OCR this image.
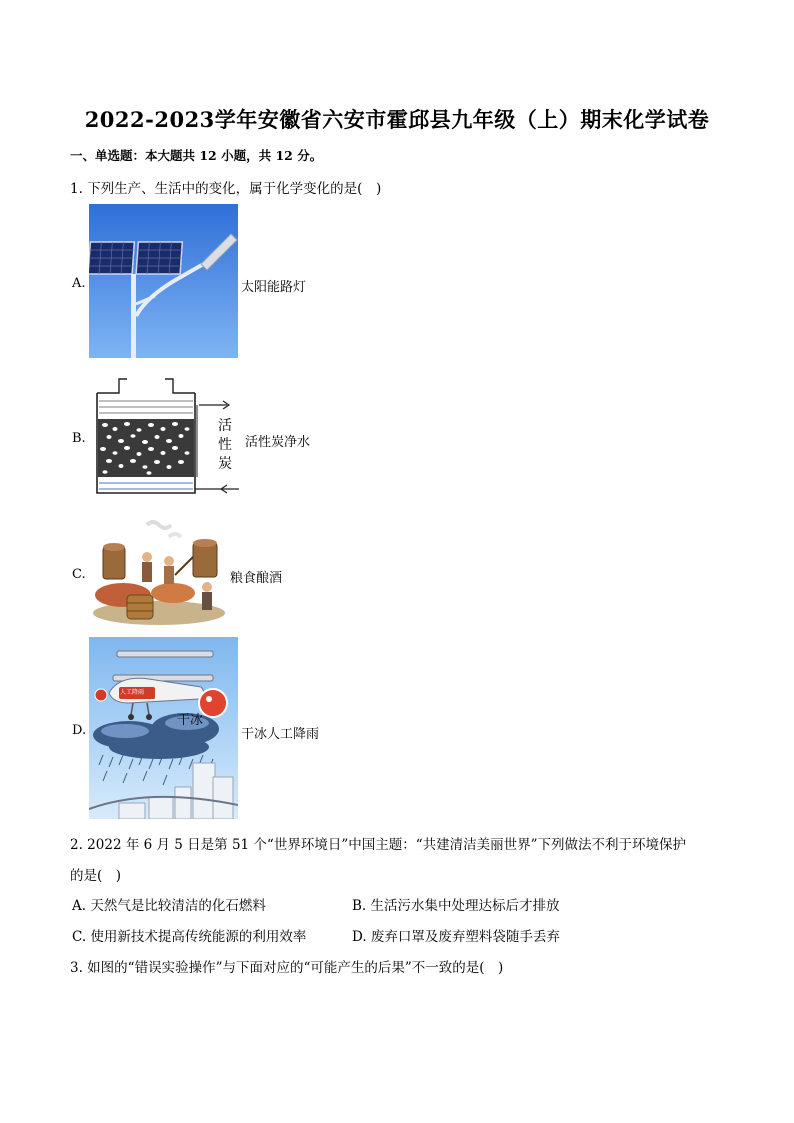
2022-2023学年安徽省六安市霍邱县九年级（上）期末化学试卷
一、单选题：本大题共 12 小题，共 12 分。
1. 下列生产、生活中的变化，属于化学变化的是(　)
A.	太阳能路灯
B.
活
性
炭
活性炭净水
C.	粮食酿酒
D.
干冰
人工降雨
干冰人工降雨
2. 2022 年 6 月 5 日是第 51 个“世界环境日”中国主题：“共建清洁美丽世界”下列做法不利于环境保护
的是(　)
A. 天然气是比较清洁的化石燃料	B. 生活污水集中处理达标后才排放
C. 使用新技术提高传统能源的利用效率	D. 废弃口罩及废弃塑料袋随手丢弃
3. 如图的“错误实验操作”与下面对应的“可能产生的后果”不一致的是(　)
